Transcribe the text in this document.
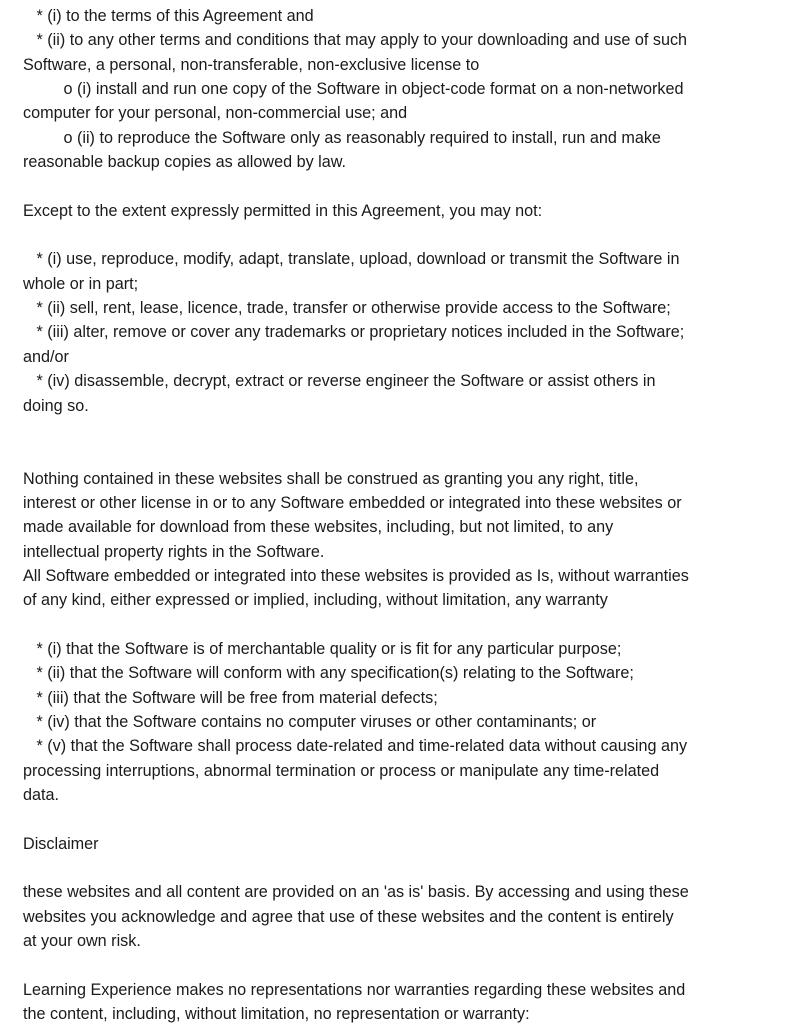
* (i) to the terms of this Agreement and
* (ii) to any other terms and conditions that may apply to your downloading and use of such
Software, a personal, non-transferable, non-exclusive license to
o (i) install and run one copy of the Software in object-code format on a non-networked
computer for your personal, non-commercial use; and
o (ii) to reproduce the Software only as reasonably required to install, run and make
reasonable backup copies as allowed by law.
Except to the extent expressly permitted in this Agreement, you may not:
* (i) use, reproduce, modify, adapt, translate, upload, download or transmit the Software in
whole or in part;
* (ii) sell, rent, lease, licence, trade, transfer or otherwise provide access to the Software;
* (iii) alter, remove or cover any trademarks or proprietary notices included in the Software;
and/or
* (iv) disassemble, decrypt, extract or reverse engineer the Software or assist others in
doing so.
Nothing contained in these websites shall be construed as granting you any right, title,
interest or other license in or to any Software embedded or integrated into these websites or
made available for download from these websites, including, but not limited, to any
intellectual property rights in the Software.
All Software embedded or integrated into these websites is provided as Is, without warranties
of any kind, either expressed or implied, including, without limitation, any warranty
* (i) that the Software is of merchantable quality or is fit for any particular purpose;
* (ii) that the Software will conform with any specification(s) relating to the Software;
* (iii) that the Software will be free from material defects;
* (iv) that the Software contains no computer viruses or other contaminants; or
* (v) that the Software shall process date-related and time-related data without causing any
processing interruptions, abnormal termination or process or manipulate any time-related
data.
Disclaimer
these websites and all content are provided on an 'as is' basis. By accessing and using these
websites you acknowledge and agree that use of these websites and the content is entirely
at your own risk.
Learning Experience makes no representations nor warranties regarding these websites and
the content, including, without limitation, no representation or warranty:
